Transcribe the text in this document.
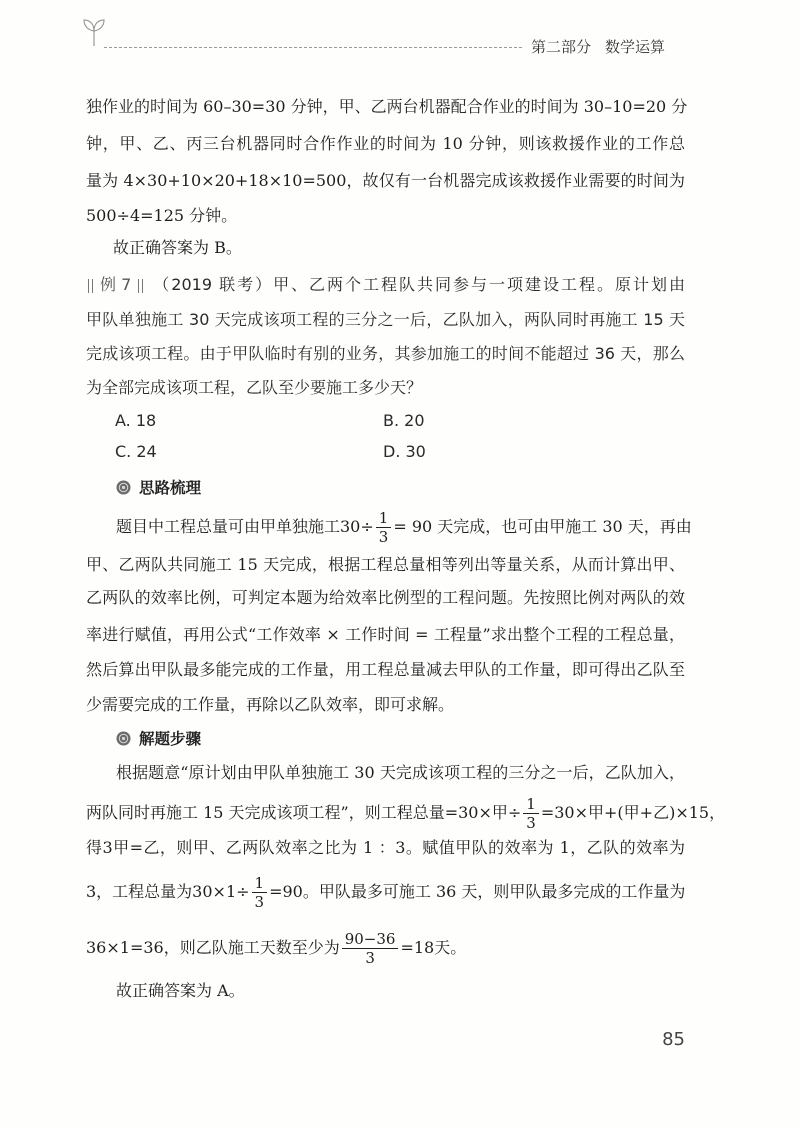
第二部分 数学运算
独作业的时间为 60–30=30 分钟，甲、乙两台机器配合作业的时间为 30–10=20 分
钟，甲、乙、丙三台机器同时合作作业的时间为 10 分钟，则该救援作业的工作总
量为 4×30+10×20+18×10=500，故仅有一台机器完成该救援作业需要的时间为
500÷4=125 分钟。
故正确答案为 B。
例 7 （2019 联考）甲、乙两个工程队共同参与一项建设工程。原计划由
甲队单独施工 30 天完成该项工程的三分之一后，乙队加入，两队同时再施工 15 天
完成该项工程。由于甲队临时有别的业务，其参加施工的时间不能超过 36 天，那么
为全部完成该项工程，乙队至少要施工多少天？
A. 18	B. 20
C. 24	D. 30
思路梳理
题目中工程总量可由甲单独施工$30\div \frac{1}{3} = 90$ 天完成，也可由甲施工 30 天，再由
甲、乙两队共同施工 15 天完成，根据工程总量相等列出等量关系，从而计算出甲、
乙两队的效率比例，可判定本题为给效率比例型的工程问题。先按照比例对两队的效
率进行赋值，再用公式“工作效率 × 工作时间 = 工程量”求出整个工程的工程总量，
然后算出甲队最多能完成的工作量，用工程总量减去甲队的工作量，即可得出乙队至
少需要完成的工作量，再除以乙队效率，即可求解。
解题步骤
根据题意“原计划由甲队单独施工 30 天完成该项工程的三分之一后，乙队加入，
两队同时再施工 15 天完成该项工程”，则工程总量=30×甲÷ $\frac{1}{3} =30\times$甲+(甲+乙)×15，
得3甲=乙，则甲、乙两队效率之比为 1 ：3。赋值甲队的效率为 1，乙队的效率为
3，工程总量为$30\times 1\div \frac{1}{3} =90$。甲队最多可施工 36 天，则甲队最多完成的工作量为
36×1=36，则乙队施工天数至少为 $\frac{90-36}{3} =18$天。
故正确答案为 A。
85
